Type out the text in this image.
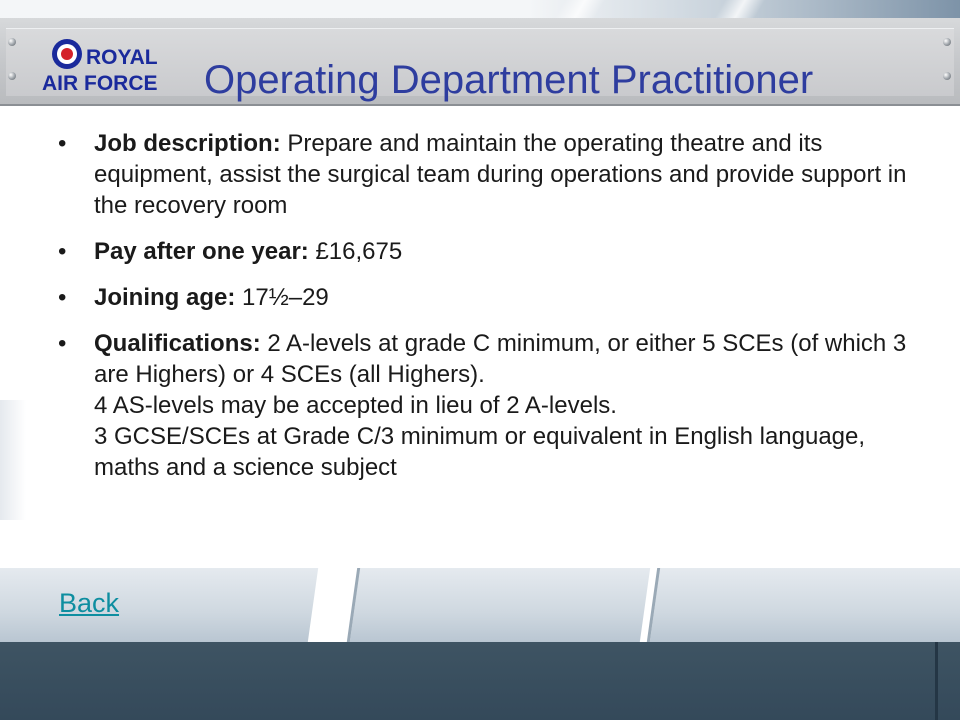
ROYAL
AIR FORCE Operating Department Practitioner
• Job description: Prepare and maintain the operating theatre and its equipment, assist the surgical team during operations and provide support in the recovery room
• Pay after one year: £16,675
• Joining age: 17½–29
• Qualifications: 2 A-levels at grade C minimum, or either 5 SCEs (of which 3 are Highers) or 4 SCEs (all Highers).
4 AS-levels may be accepted in lieu of 2 A-levels.
3 GCSE/SCEs at Grade C/3 minimum or equivalent in English language, maths and a science subject
Back
